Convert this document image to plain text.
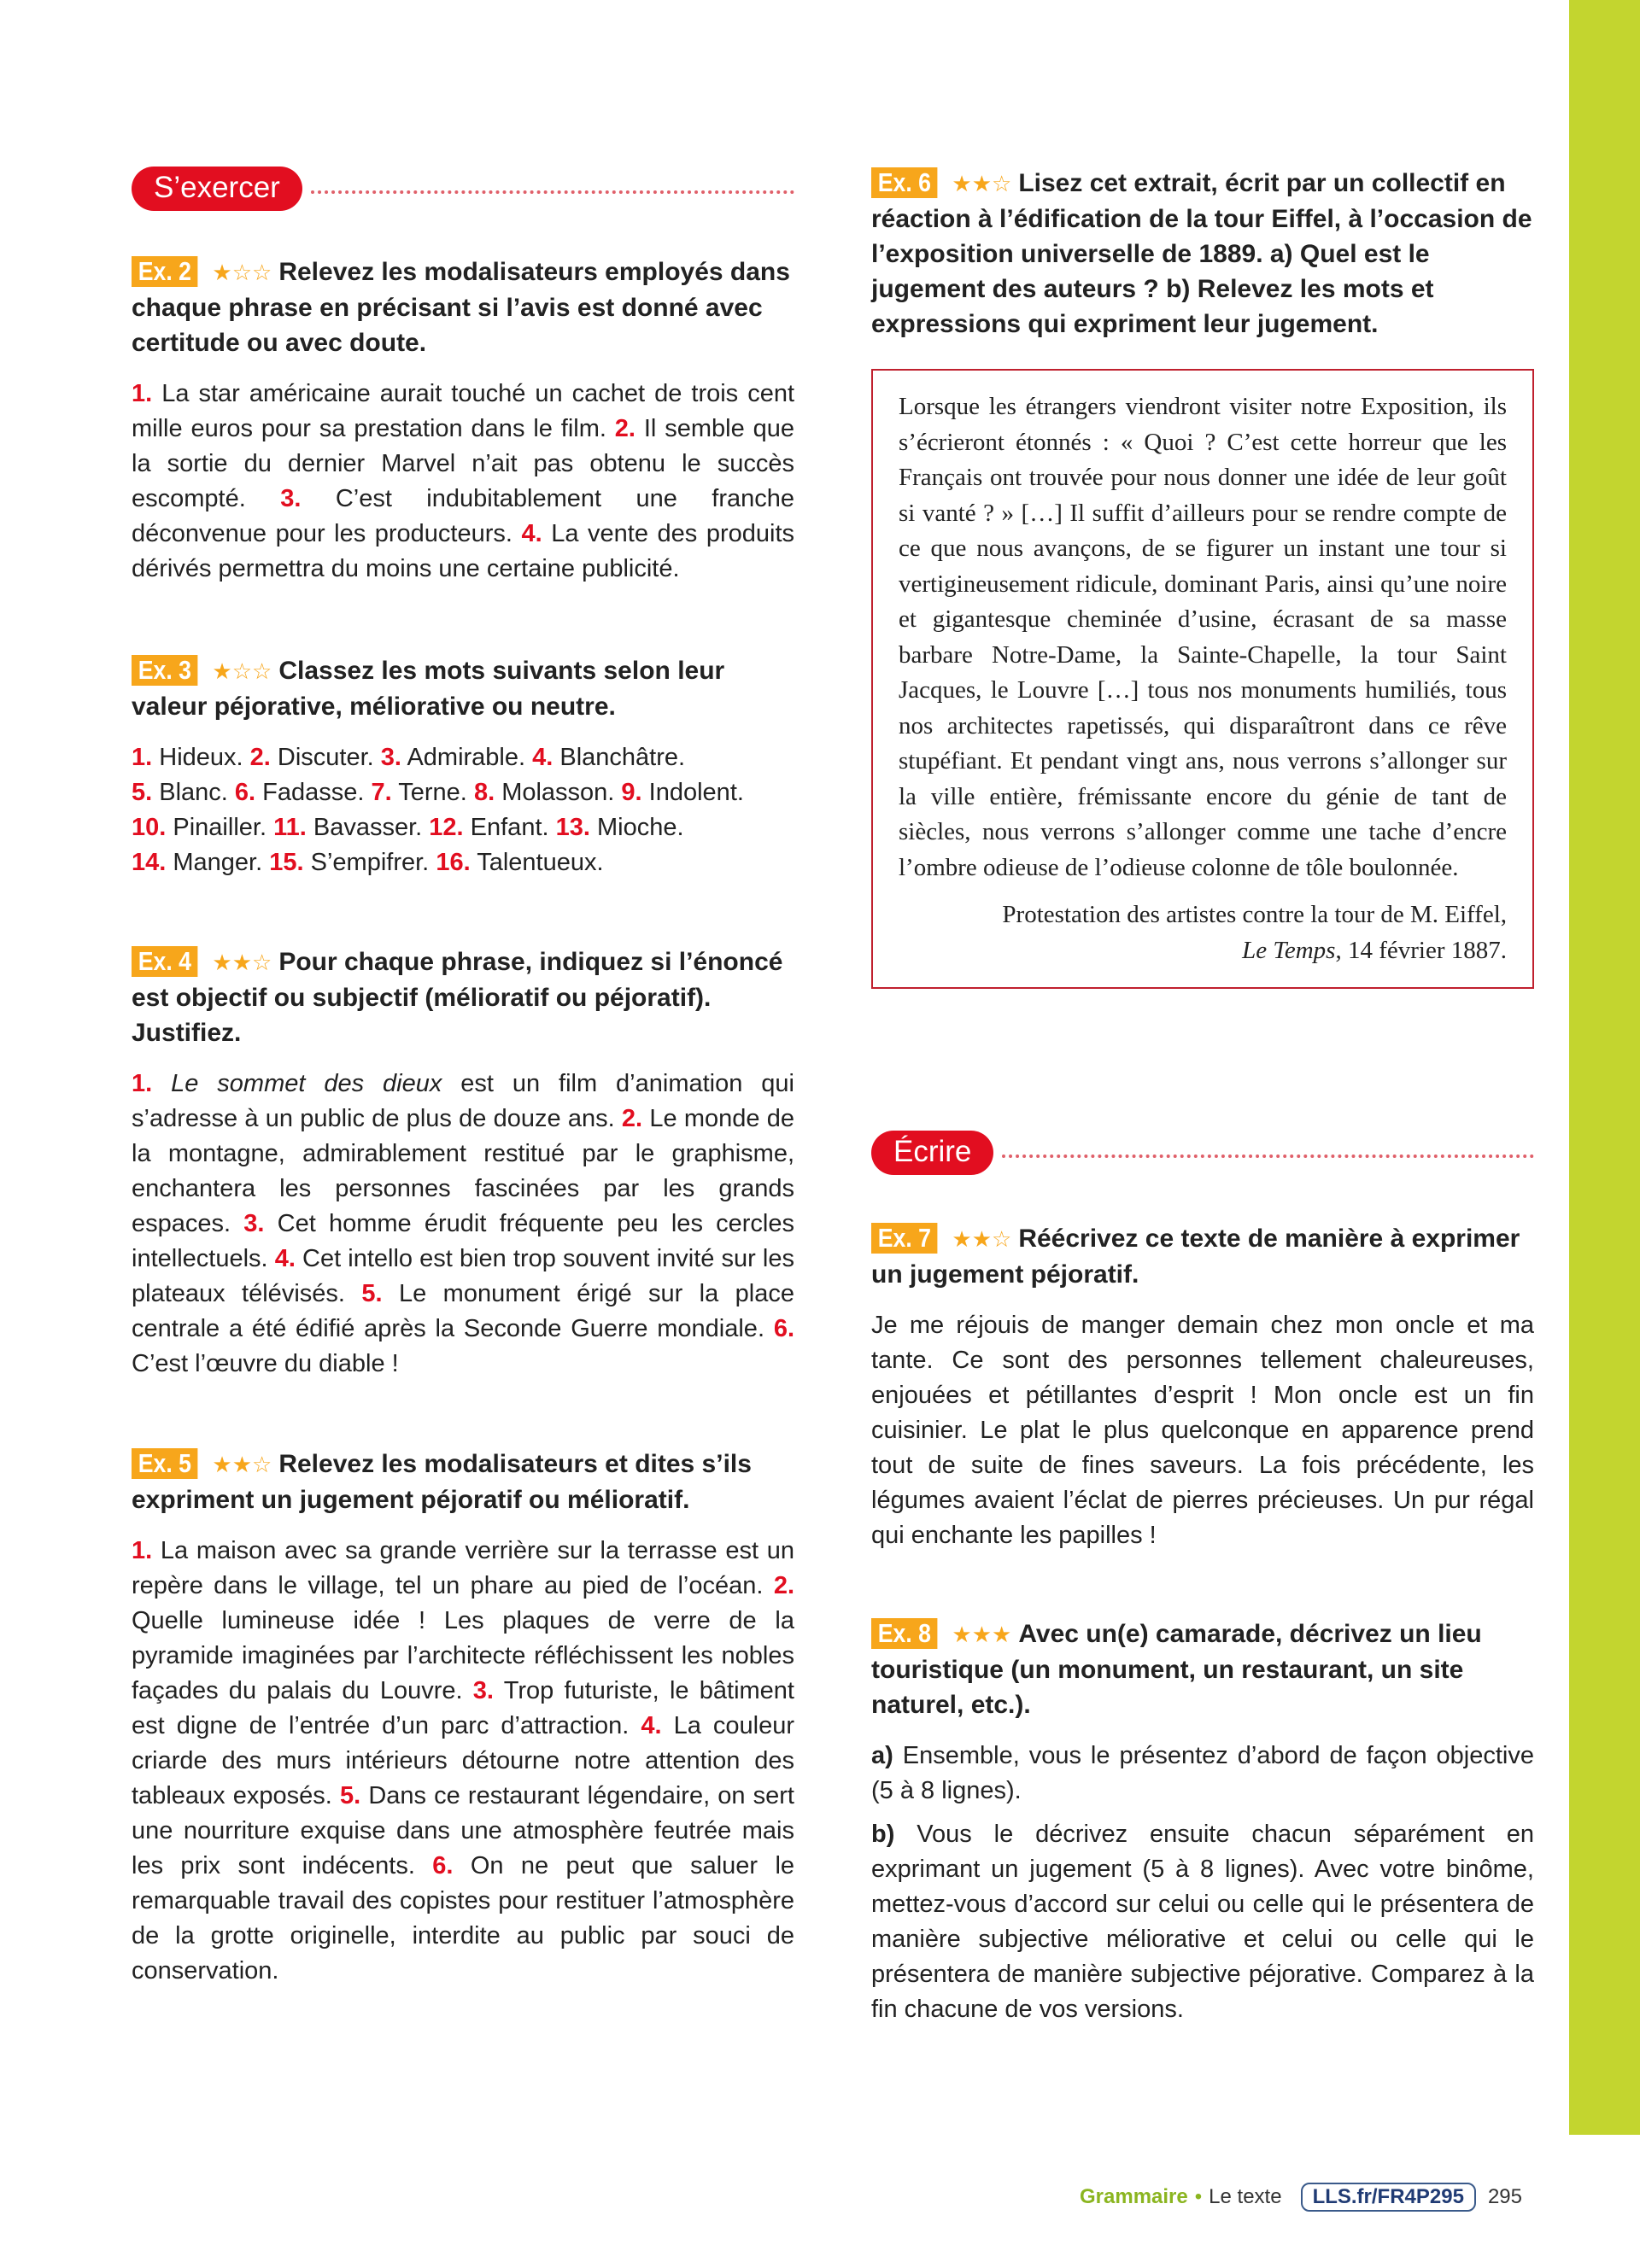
S’exercer
Ex. 2 ★☆☆ Relevez les modalisateurs employés dans chaque phrase en précisant si l’avis est donné avec certitude ou avec doute.
1. La star américaine aurait touché un cachet de trois cent mille euros pour sa prestation dans le film. 2. Il semble que la sortie du dernier Marvel n’ait pas obtenu le succès escompté. 3. C’est indubitablement une franche déconvenue pour les producteurs. 4. La vente des produits dérivés permettra du moins une certaine publicité.
Ex. 3 ★☆☆ Classez les mots suivants selon leur valeur péjorative, méliorative ou neutre.
1. Hideux. 2. Discuter. 3. Admirable. 4. Blanchâtre.
5. Blanc. 6. Fadasse. 7. Terne. 8. Molasson. 9. Indolent.
10. Pinailler. 11. Bavasser. 12. Enfant. 13. Mioche.
14. Manger. 15. S’empifrer. 16. Talentueux.
Ex. 4 ★★☆ Pour chaque phrase, indiquez si l’énoncé est objectif ou subjectif (mélioratif ou péjoratif). Justifiez.
1. Le sommet des dieux est un film d’animation qui s’adresse à un public de plus de douze ans. 2. Le monde de la montagne, admirablement restitué par le graphisme, enchantera les personnes fascinées par les grands espaces. 3. Cet homme érudit fréquente peu les cercles intellectuels. 4. Cet intello est bien trop souvent invité sur les plateaux télévisés. 5. Le monument érigé sur la place centrale a été édifié après la Seconde Guerre mondiale. 6. C’est l’œuvre du diable !
Ex. 5 ★★☆ Relevez les modalisateurs et dites s’ils expriment un jugement péjoratif ou mélioratif.
1. La maison avec sa grande verrière sur la terrasse est un repère dans le village, tel un phare au pied de l’océan. 2. Quelle lumineuse idée ! Les plaques de verre de la pyramide imaginées par l’architecte réfléchissent les nobles façades du palais du Louvre. 3. Trop futuriste, le bâtiment est digne de l’entrée d’un parc d’attraction. 4. La couleur criarde des murs intérieurs détourne notre attention des tableaux exposés. 5. Dans ce restaurant légendaire, on sert une nourriture exquise dans une atmosphère feutrée mais les prix sont indécents. 6. On ne peut que saluer le remarquable travail des copistes pour restituer l’atmosphère de la grotte originelle, interdite au public par souci de conservation.
Ex. 6 ★★☆ Lisez cet extrait, écrit par un collectif en réaction à l’édification de la tour Eiffel, à l’occasion de l’exposition universelle de 1889. a) Quel est le jugement des auteurs ? b) Relevez les mots et expressions qui expriment leur jugement.

Lorsque les étrangers viendront visiter notre Exposition, ils s’écrieront étonnés : « Quoi ? C’est cette horreur que les Français ont trouvée pour nous donner une idée de leur goût si vanté ? » […] Il suffit d’ailleurs pour se rendre compte de ce que nous avançons, de se figurer un instant une tour si vertigineusement ridicule, dominant Paris, ainsi qu’une noire et gigantesque cheminée d’usine, écrasant de sa masse barbare Notre-Dame, la Sainte-Chapelle, la tour Saint Jacques, le Louvre […] tous nos monuments humiliés, tous nos architectes rapetissés, qui disparaîtront dans ce rêve stupéfiant. Et pendant vingt ans, nous verrons s’allonger sur la ville entière, frémissante encore du génie de tant de siècles, nous verrons s’allonger comme une tache d’encre l’ombre odieuse de l’odieuse colonne de tôle boulonnée.

Protestation des artistes contre la tour de M. Eiffel,
Le Temps, 14 février 1887.

Écrire
Ex. 7 ★★☆ Réécrivez ce texte de manière à exprimer un jugement péjoratif.
Je me réjouis de manger demain chez mon oncle et ma tante. Ce sont des personnes tellement chaleureuses, enjouées et pétillantes d’esprit ! Mon oncle est un fin cuisinier. Le plat le plus quelconque en apparence prend tout de suite de fines saveurs. La fois précédente, les légumes avaient l’éclat de pierres précieuses. Un pur régal qui enchante les papilles !
Ex. 8 ★★★ Avec un(e) camarade, décrivez un lieu touristique (un monument, un restaurant, un site naturel, etc.).

a) Ensemble, vous le présentez d’abord de façon objective (5 à 8 lignes).

b) Vous le décrivez ensuite chacun séparément en exprimant un jugement (5 à 8 lignes). Avec votre binôme, mettez-vous d’accord sur celui ou celle qui le présentera de manière subjective méliorative et celui ou celle qui le présentera de manière subjective péjorative. Comparez à la fin chacune de vos versions.

Grammaire • Le texte	LLS.fr/FR4P295	295
